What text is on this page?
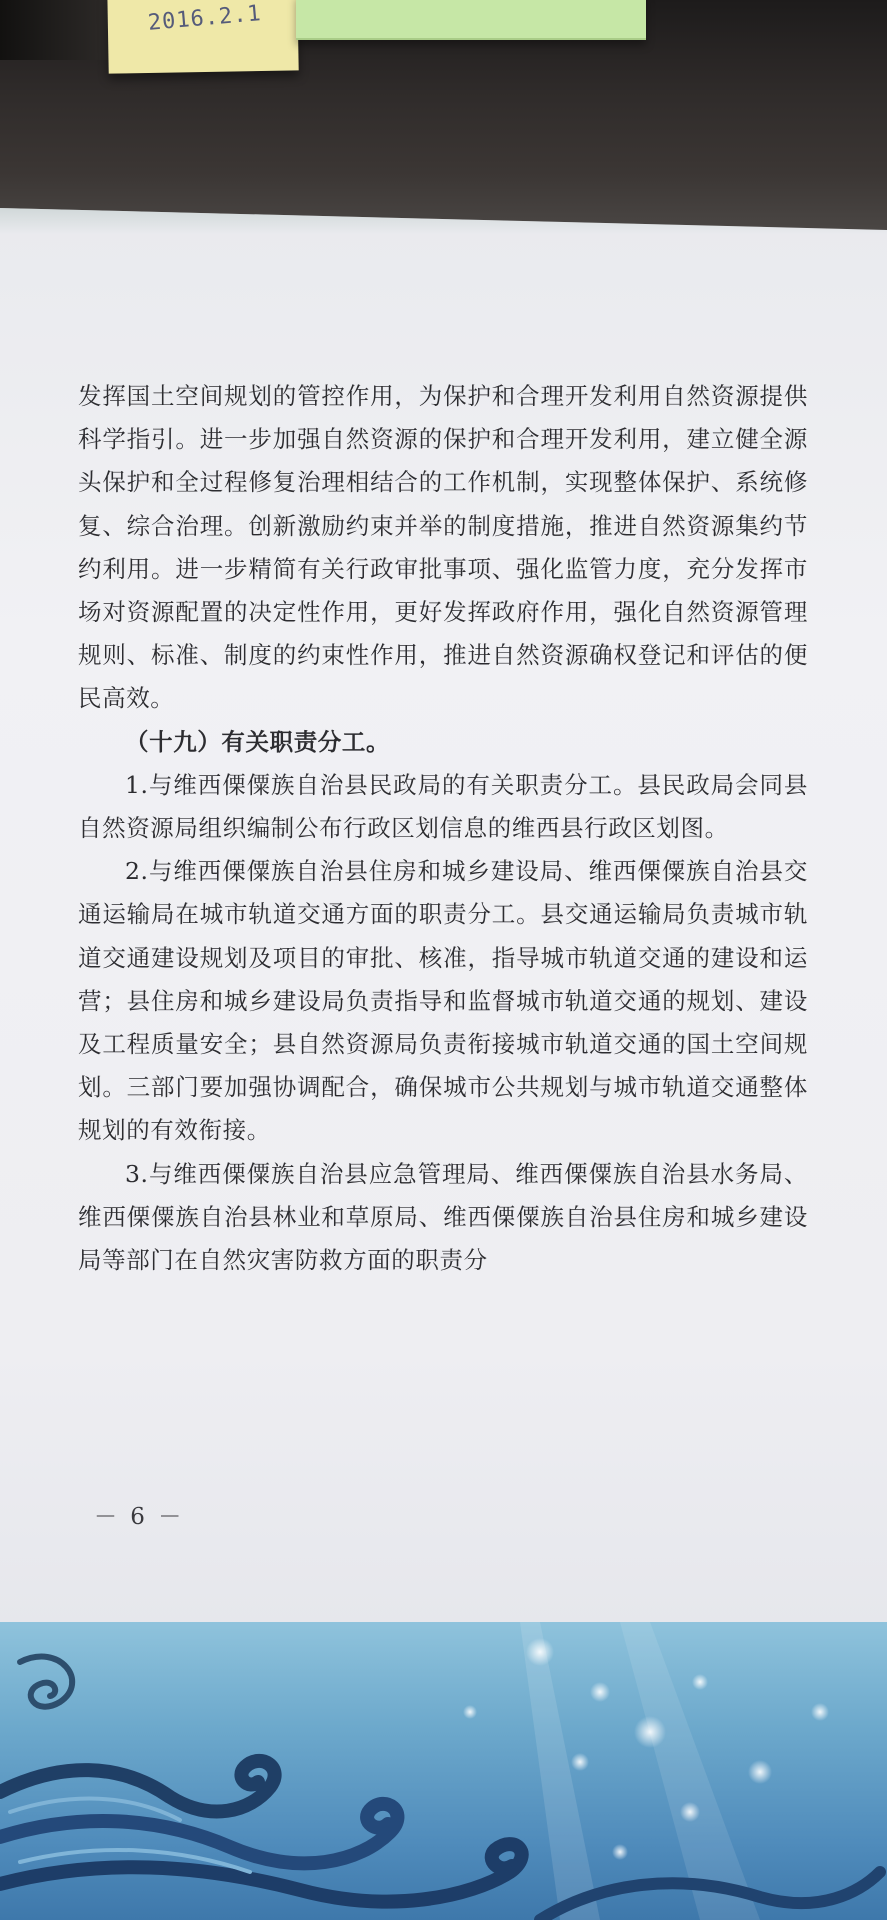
2016.2.1

发挥国土空间规划的管控作用，为保护和合理开发利用自然资源提供科学指引。进一步加强自然资源的保护和合理开发利用，建立健全源头保护和全过程修复治理相结合的工作机制，实现整体保护、系统修复、综合治理。创新激励约束并举的制度措施，推进自然资源集约节约利用。进一步精简有关行政审批事项、强化监管力度，充分发挥市场对资源配置的决定性作用，更好发挥政府作用，强化自然资源管理规则、标准、制度的约束性作用，推进自然资源确权登记和评估的便民高效。

（十九）有关职责分工。

1.与维西傈僳族自治县民政局的有关职责分工。县民政局会同县自然资源局组织编制公布行政区划信息的维西县行政区划图。

2.与维西傈僳族自治县住房和城乡建设局、维西傈僳族自治县交通运输局在城市轨道交通方面的职责分工。县交通运输局负责城市轨道交通建设规划及项目的审批、核准，指导城市轨道交通的建设和运营；县住房和城乡建设局负责指导和监督城市轨道交通的规划、建设及工程质量安全；县自然资源局负责衔接城市轨道交通的国土空间规划。三部门要加强协调配合，确保城市公共规划与城市轨道交通整体规划的有效衔接。

3.与维西傈僳族自治县应急管理局、维西傈僳族自治县水务局、维西傈僳族自治县林业和草原局、维西傈僳族自治县住房和城乡建设局等部门在自然灾害防救方面的职责分

－ 6 －
